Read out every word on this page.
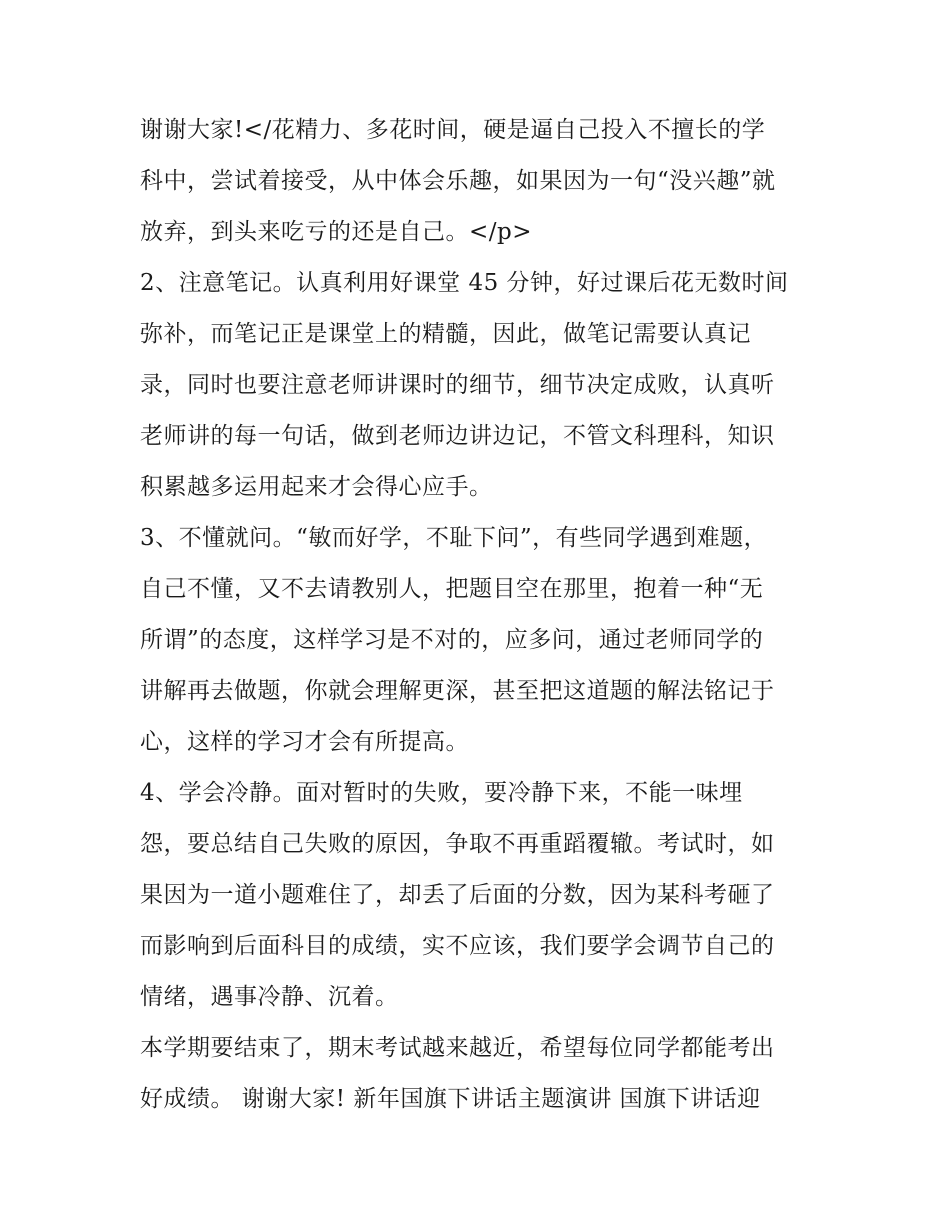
谢谢大家!</花精力、多花时间，硬是逼自己投入不擅长的学
科中，尝试着接受，从中体会乐趣，如果因为一句“没兴趣”就
放弃，到头来吃亏的还是自己。</p>
2、注意笔记。认真利用好课堂 45 分钟，好过课后花无数时间
弥补，而笔记正是课堂上的精髓，因此，做笔记需要认真记
录，同时也要注意老师讲课时的细节，细节决定成败，认真听
老师讲的每一句话，做到老师边讲边记，不管文科理科，知识
积累越多运用起来才会得心应手。
3、不懂就问。“敏而好学，不耻下问”，有些同学遇到难题，
自己不懂，又不去请教别人，把题目空在那里，抱着一种“无
所谓”的态度，这样学习是不对的，应多问，通过老师同学的
讲解再去做题，你就会理解更深，甚至把这道题的解法铭记于
心，这样的学习才会有所提高。
4、学会冷静。面对暂时的失败，要冷静下来，不能一味埋
怨，要总结自己失败的原因，争取不再重蹈覆辙。考试时，如
果因为一道小题难住了，却丢了后面的分数，因为某科考砸了
而影响到后面科目的成绩，实不应该，我们要学会调节自己的
情绪，遇事冷静、沉着。
本学期要结束了，期末考试越来越近，希望每位同学都能考出
好成绩。 谢谢大家! 新年国旗下讲话主题演讲 国旗下讲话迎
